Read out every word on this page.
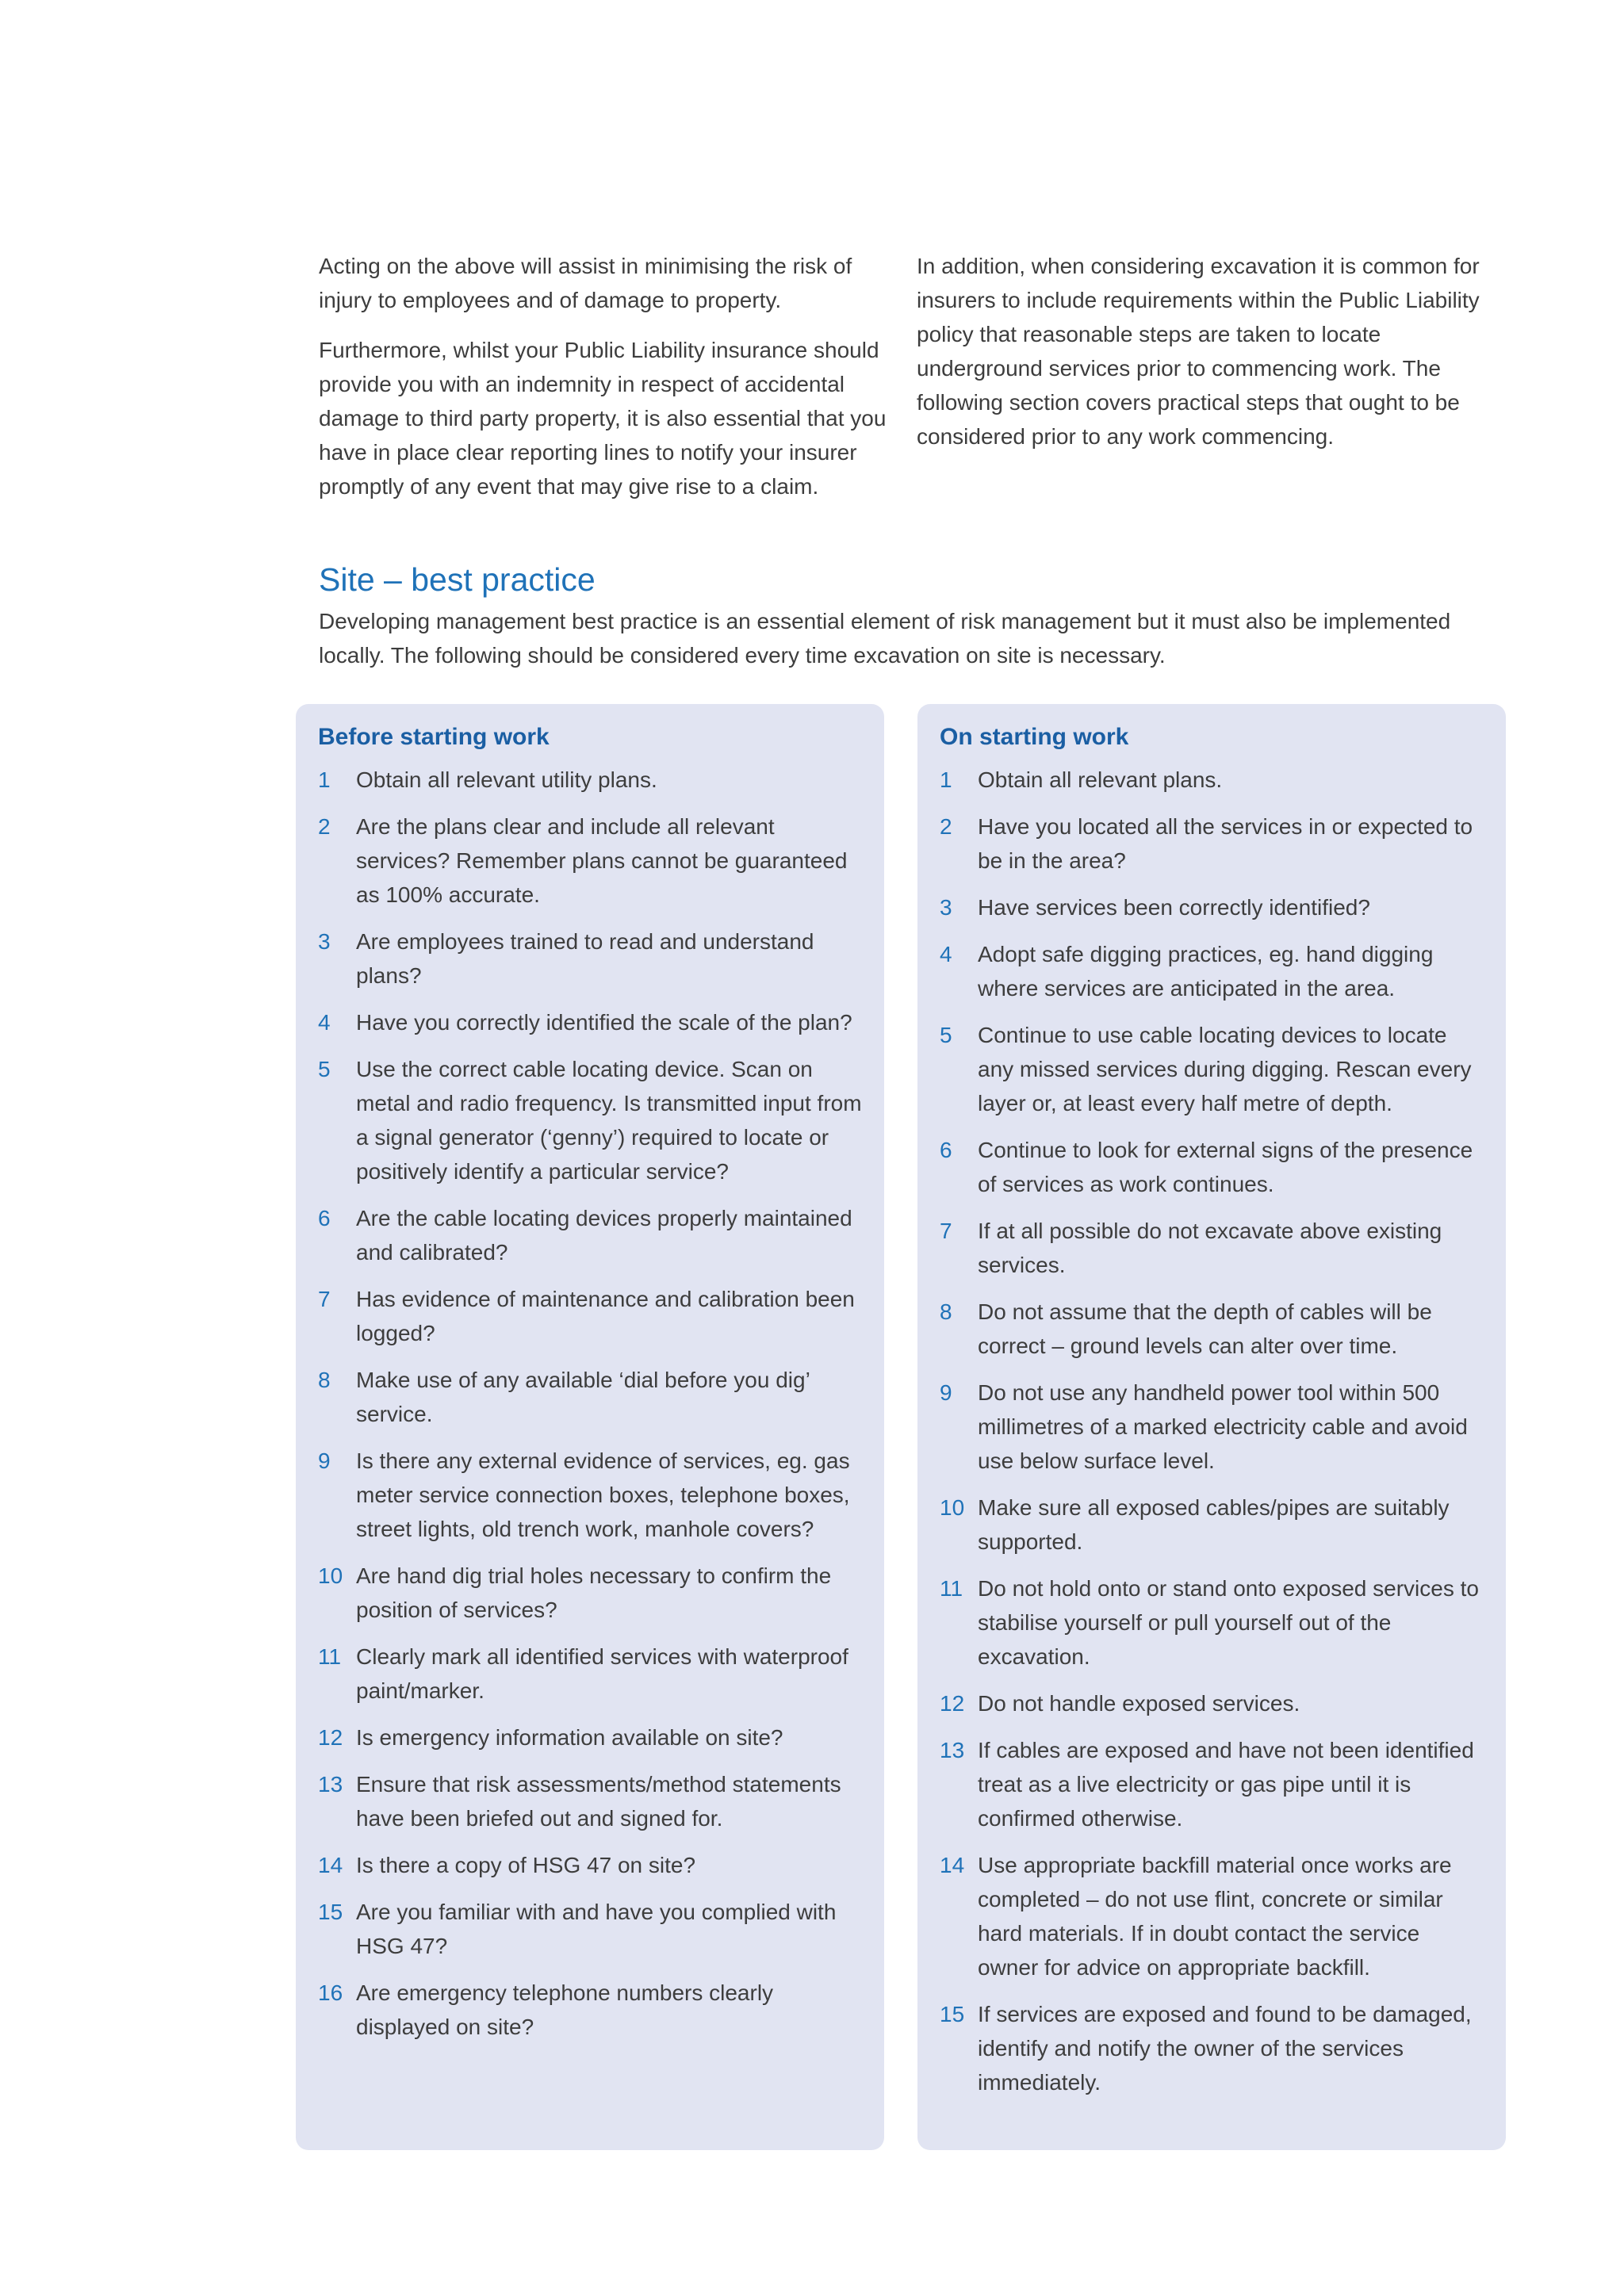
Acting on the above will assist in minimising the risk of injury to employees and of damage to property.

Furthermore, whilst your Public Liability insurance should provide you with an indemnity in respect of accidental damage to third party property, it is also essential that you have in place clear reporting lines to notify your insurer promptly of any event that may give rise to a claim.

In addition, when considering excavation it is common for insurers to include requirements within the Public Liability policy that reasonable steps are taken to locate underground services prior to commencing work. The following section covers practical steps that ought to be considered prior to any work commencing.

Site – best practice

Developing management best practice is an essential element of risk management but it must also be implemented locally. The following should be considered every time excavation on site is necessary.

Before starting work
1	Obtain all relevant utility plans.
2	Are the plans clear and include all relevant services? Remember plans cannot be guaranteed as 100% accurate.
3	Are employees trained to read and understand plans?
4	Have you correctly identified the scale of the plan?
5	Use the correct cable locating device. Scan on metal and radio frequency. Is transmitted input from a signal generator (‘genny’) required to locate or positively identify a particular service?
6	Are the cable locating devices properly maintained and calibrated?
7	Has evidence of maintenance and calibration been logged?
8	Make use of any available ‘dial before you dig’ service.
9	Is there any external evidence of services, eg. gas meter service connection boxes, telephone boxes, street lights, old trench work, manhole covers?
10 Are hand dig trial holes necessary to confirm the position of services?
11 Clearly mark all identified services with waterproof paint/marker.
12 Is emergency information available on site?
13 Ensure that risk assessments/method statements have been briefed out and signed for.
14 Is there a copy of HSG 47 on site?
15 Are you familiar with and have you complied with HSG 47?
16 Are emergency telephone numbers clearly displayed on site?
On starting work
1	Obtain all relevant plans.
2	Have you located all the services in or expected to be in the area?
3	Have services been correctly identified?
4	Adopt safe digging practices, eg. hand digging where services are anticipated in the area.
5	Continue to use cable locating devices to locate any missed services during digging. Rescan every layer or, at least every half metre of depth.
6	Continue to look for external signs of the presence of services as work continues.
7	If at all possible do not excavate above existing services.
8	Do not assume that the depth of cables will be correct – ground levels can alter over time.
9	Do not use any handheld power tool within 500 millimetres of a marked electricity cable and avoid use below surface level.
10 Make sure all exposed cables/pipes are suitably supported.
11 Do not hold onto or stand onto exposed services to stabilise yourself or pull yourself out of the excavation.
12 Do not handle exposed services.
13 If cables are exposed and have not been identified treat as a live electricity or gas pipe until it is confirmed otherwise.
14 Use appropriate backfill material once works are completed – do not use flint, concrete or similar hard materials. If in doubt contact the service owner for advice on appropriate backfill.
15 If services are exposed and found to be damaged, identify and notify the owner of the services immediately.
